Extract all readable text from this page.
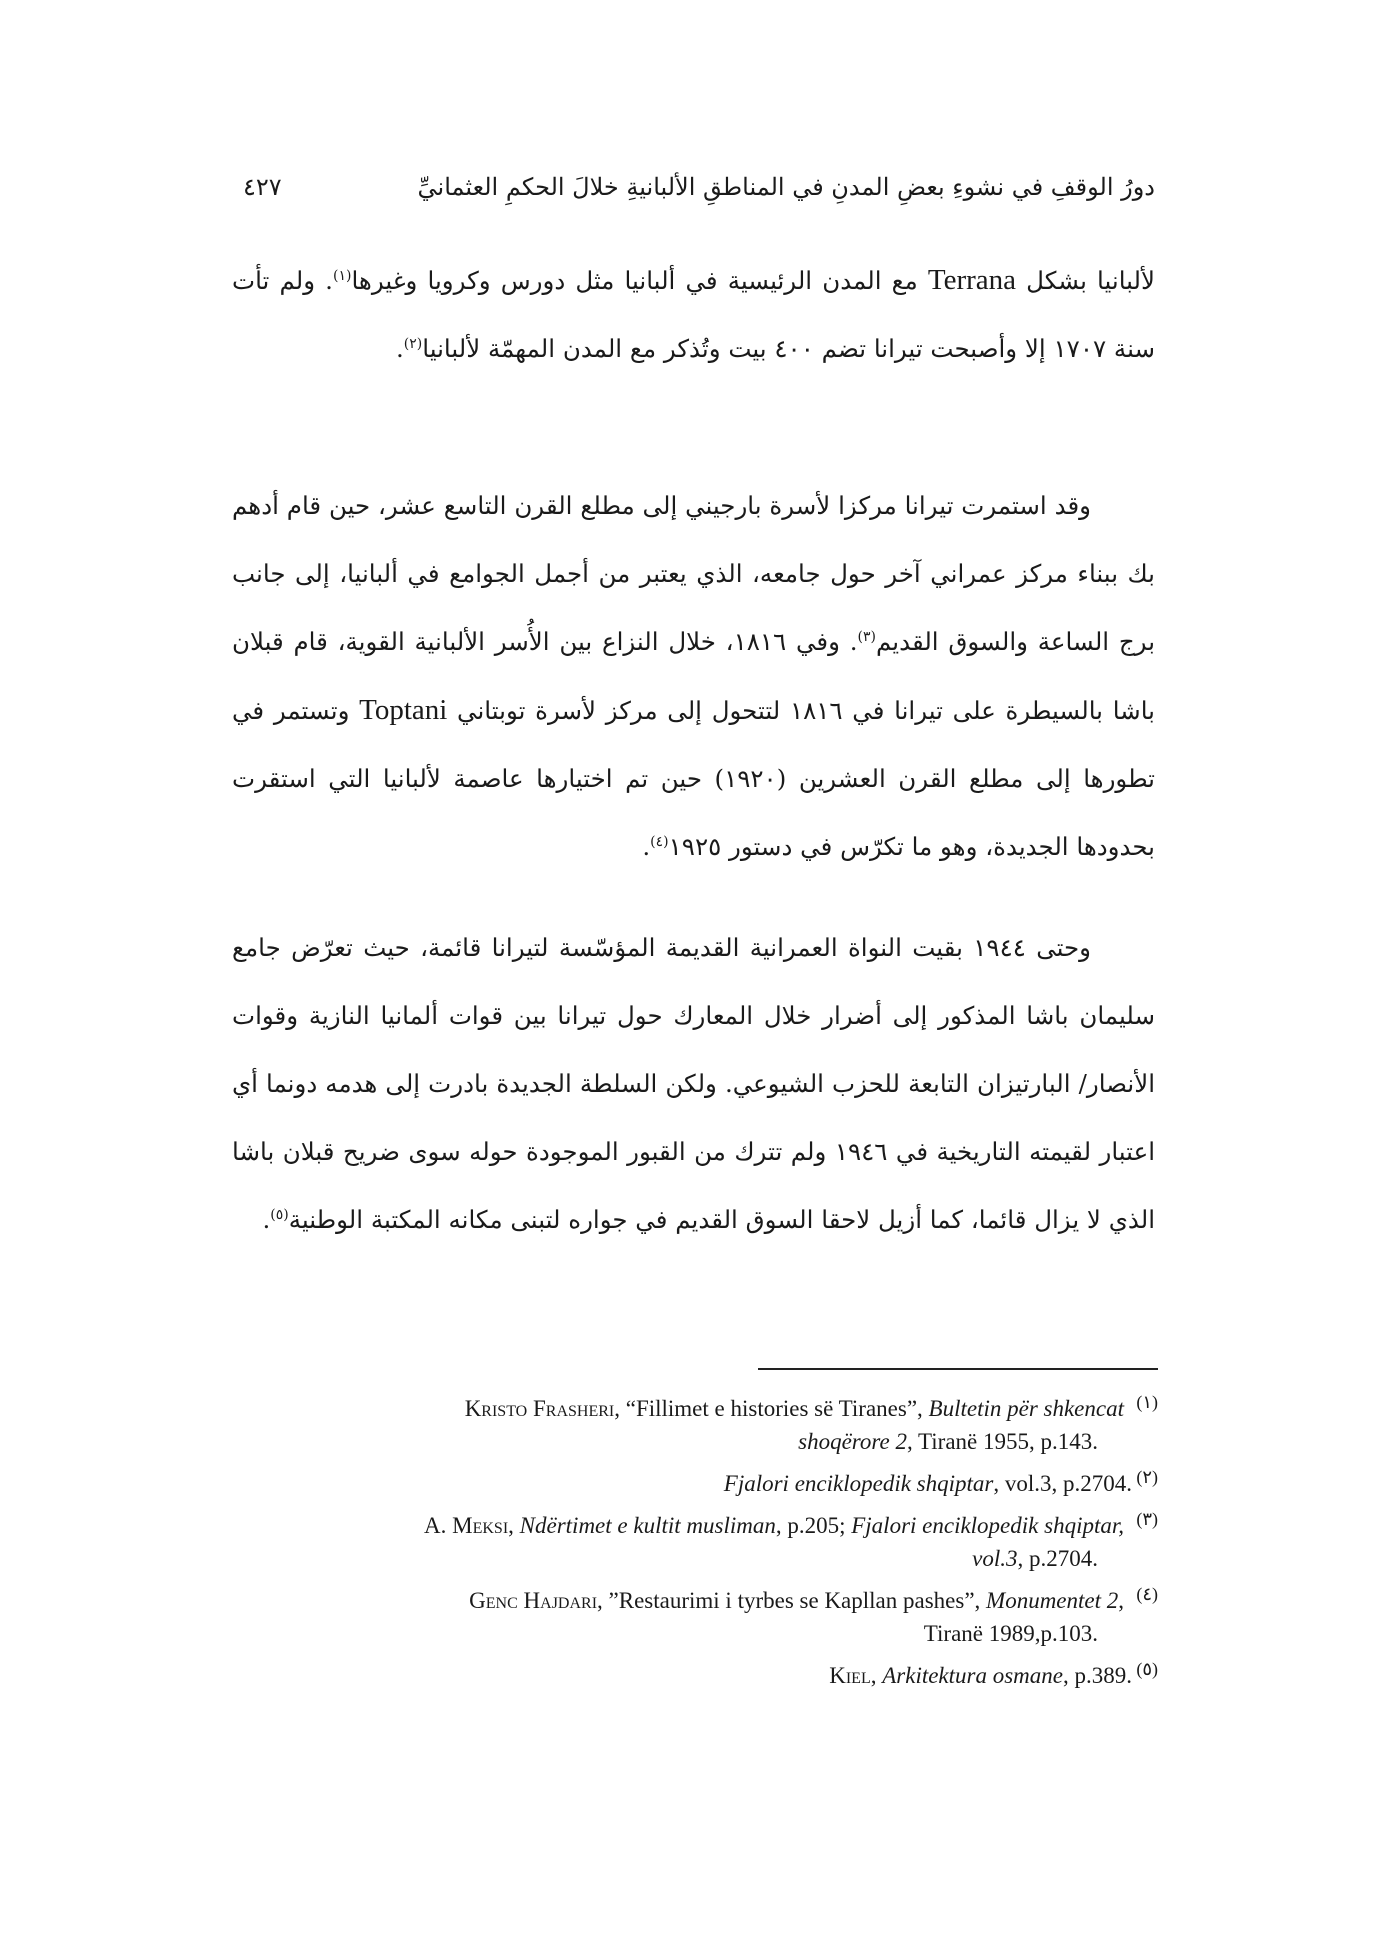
دورُ الوقفِ في نشوءِ بعضِ المدنِ في المناطقِ الألبانيةِ خلالَ الحكمِ العثمانيِّ
٤٢٧

لألبانيا بشكل Terrana مع المدن الرئيسية في ألبانيا مثل دورس وكرويا وغيرها$^{(١)}$. ولم تأت سنة ١٧٠٧ إلا وأصبحت تيرانا تضم ٤٠٠ بيت وتُذكر مع المدن المهمّة لألبانيا$^{(٢)}$.

وقد استمرت تيرانا مركزا لأسرة بارجيني إلى مطلع القرن التاسع عشر، حين قام أدهم بك ببناء مركز عمراني آخر حول جامعه، الذي يعتبر من أجمل الجوامع في ألبانيا، إلى جانب برج الساعة والسوق القديم$^{(٣)}$. وفي ١٨١٦، خلال النزاع بين الأُسر الألبانية القوية، قام قبلان باشا بالسيطرة على تيرانا في ١٨١٦ لتتحول إلى مركز لأسرة توبتاني Toptani وتستمر في تطورها إلى مطلع القرن العشرين (١٩٢٠) حين تم اختيارها عاصمة لألبانيا التي استقرت بحدودها الجديدة، وهو ما تكرّس في دستور ١٩٢٥$^{(٤)}$.

وحتى ١٩٤٤ بقيت النواة العمرانية القديمة المؤسّسة لتيرانا قائمة، حيث تعرّض جامع سليمان باشا المذكور إلى أضرار خلال المعارك حول تيرانا بين قوات ألمانيا النازية وقوات الأنصار/ البارتيزان التابعة للحزب الشيوعي. ولكن السلطة الجديدة بادرت إلى هدمه دونما أي اعتبار لقيمته التاريخية في ١٩٤٦ ولم تترك من القبور الموجودة حوله سوى ضريح قبلان باشا الذي لا يزال قائما، كما أزيل لاحقا السوق القديم في جواره لتبنى مكانه المكتبة الوطنية$^{(٥)}$.

(١)
Kristo Frasheri, “Fillimet e histories së Tiranes”, Bultetin për shkencat
shoqërore 2, Tiranë 1955, p.143.
(٢)
Fjalori enciklopedik shqiptar, vol.3, p.2704.
(٣)
A. Meksi, Ndërtimet e kultit musliman, p.205; Fjalori enciklopedik shqiptar,
vol.3, p.2704.
(٤)
Genc Hajdari, ”Restaurimi i tyrbes se Kapllan pashes”, Monumentet 2,
Tiranë 1989,p.103.
(٥)
Kiel, Arkitektura osmane, p.389.
